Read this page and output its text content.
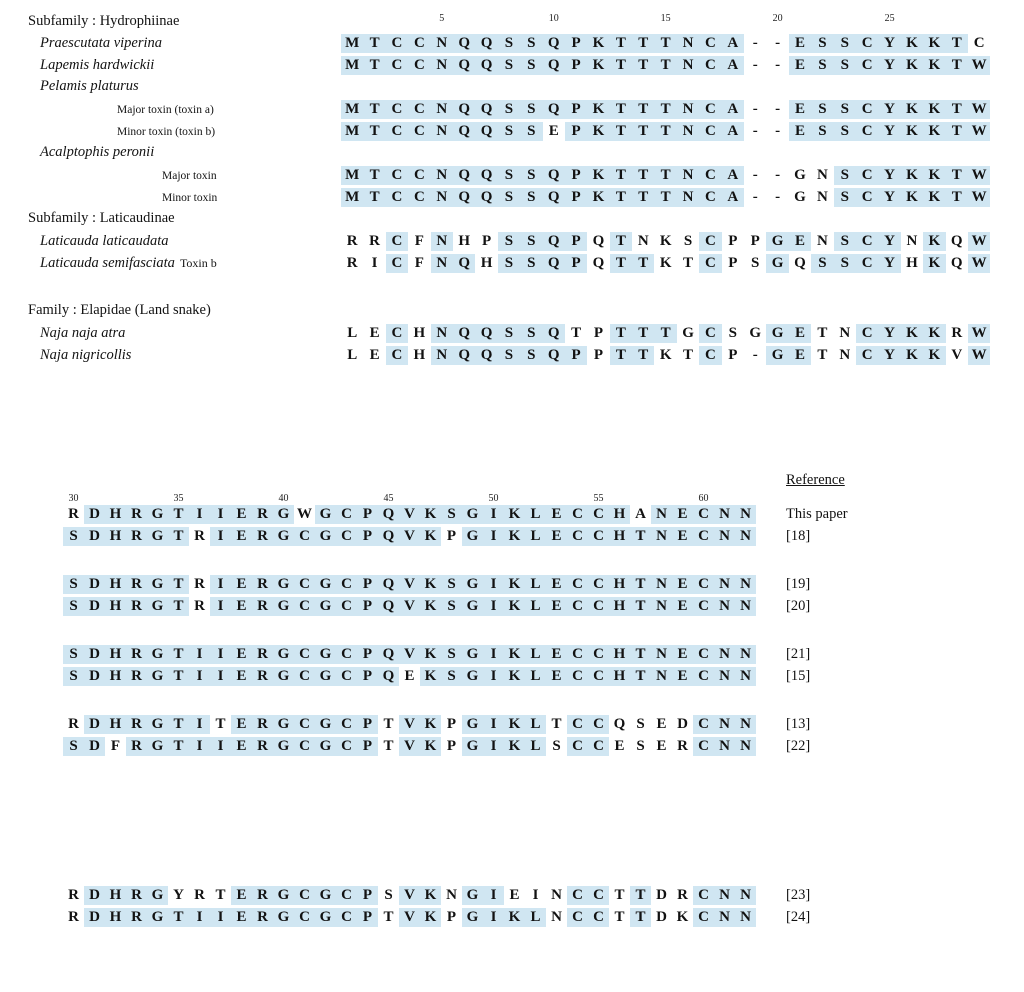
Subfamily : Hydrophiinae	5	10	15	20	25
Praescutata viperina	M T C C N Q Q S S Q P K T T T N C A -	- E S S C Y K K T C
Lapemis hardwickii	M T C C N Q Q S S Q P K T T T N C A -	- E S S C Y K K T W
Pelamis platurus
Major toxin (toxin a)	M T C C N Q Q S S Q P K T T T N C A -	- E S S C Y K K T W
Minor toxin (toxin b)	M T C C N Q Q S S E P K T T T N C A -	- E S S C Y K K T W
Acalptophis peronii
Major toxin	M T C C N Q Q S S Q P K T T T N C A -	- G N S C Y K K T W
Minor toxin	M T C C N Q Q S S Q P K T T T N C A -	- G N S C Y K K T W
Subfamily : Laticaudinae
Laticauda laticaudata	R R C F N H P S S Q P Q T N K S C P P G E N S C Y N K Q W
Laticauda semifasciata Toxin b	R I C F N Q H S S Q P Q T T K T C P S G Q S S C Y H K Q W
Family : Elapidae (Land snake)
Naja naja atra	L E C H N Q Q S S Q T P T T T G C S G G E T N C Y K K R W
Naja nigricollis	L E C H N Q Q S S Q P P T T K T C P	- G E T N C Y K K V W
Reference
30	35	40	45	50	55	60
R D H R G T I	I E R G W G C P Q V K S G I K L E C C H A N E C N N	This paper
S D H R G T R I E R G C G C P Q V K P G I K L E C C H T N E C N N	[18]
S D H R G T R I E R G C G C P Q V K S G I K L E C C H T N E C N N	[19]
S D H R G T R I E R G C G C P Q V K S G I K L E C C H T N E C N N	[20]
S D H R G T I	I E R G C G C P Q V K S G I K L E C C H T N E C N N	[21]
S D H R G T I	I E R G C G C P Q E K S G I K L E C C H T N E C N N	[15]
R D H R G T I T E R G C G C P T V K P G I K L T C C Q S E D C N N	[13]
S D F R G T I	I E R G C G C P T V K P G I K L S C C E S E R C N N	[22]
R D H R G Y R T E R G C G C P S V K N G I E I N C C T T D R C N N	[23]
R D H R G T I	I E R G C G C P T V K P G I K L N C C T T D K C N N	[24]
